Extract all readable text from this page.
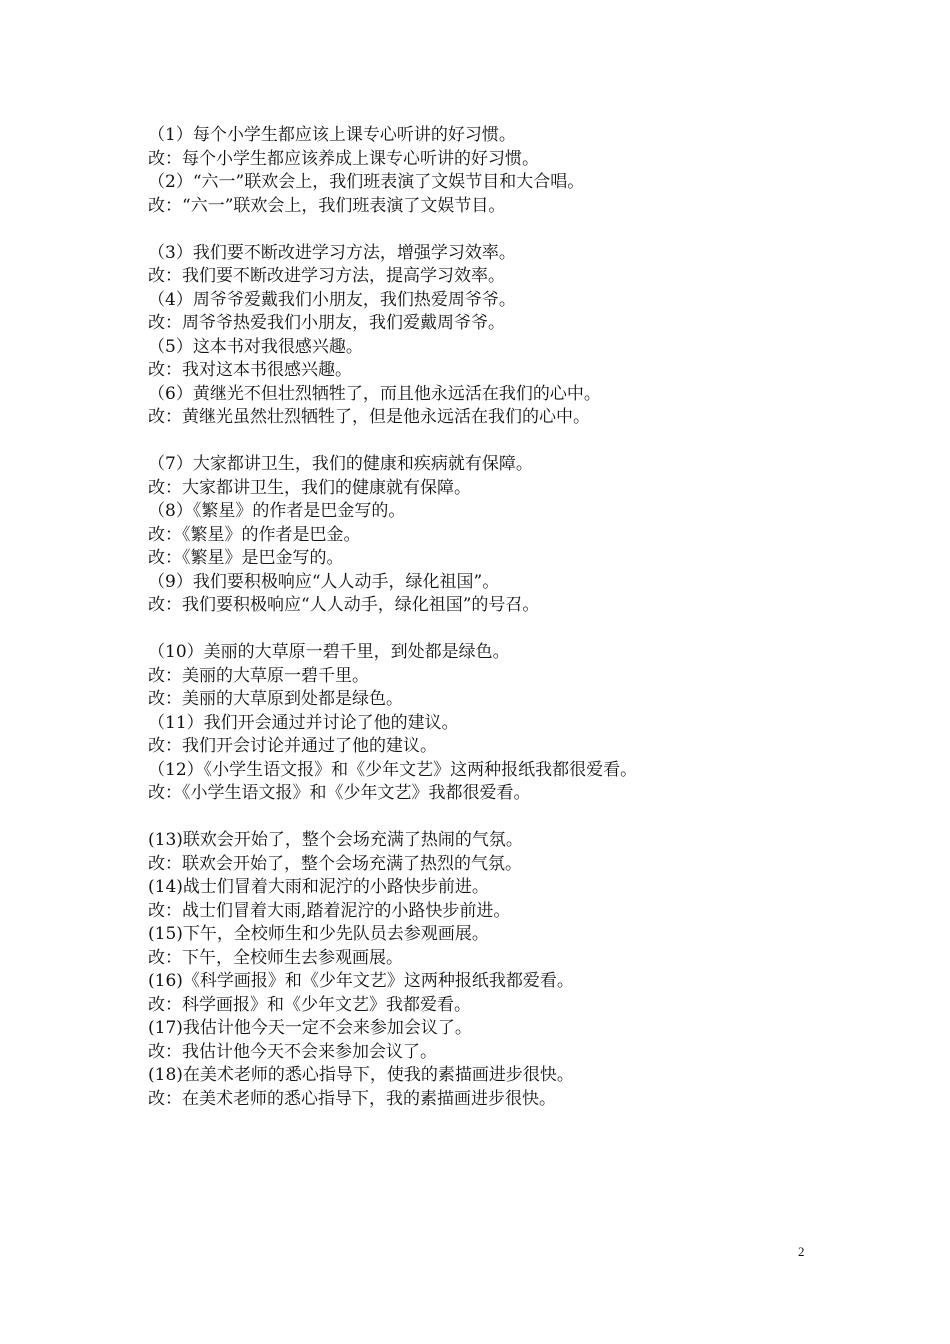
（1）每个小学生都应该上课专心听讲的好习惯。
改：每个小学生都应该养成上课专心听讲的好习惯。
（2）“六一”联欢会上，我们班表演了文娱节目和大合唱。
改：“六一”联欢会上，我们班表演了文娱节目。
（3）我们要不断改进学习方法，增强学习效率。
改：我们要不断改进学习方法，提高学习效率。
（4）周爷爷爱戴我们小朋友，我们热爱周爷爷。
改：周爷爷热爱我们小朋友，我们爱戴周爷爷。
（5）这本书对我很感兴趣。
改：我对这本书很感兴趣。
（6）黄继光不但壮烈牺牲了，而且他永远活在我们的心中。
改：黄继光虽然壮烈牺牲了，但是他永远活在我们的心中。
（7）大家都讲卫生，我们的健康和疾病就有保障。
改：大家都讲卫生，我们的健康就有保障。
（8）《繁星》的作者是巴金写的。
改：《繁星》的作者是巴金。
改：《繁星》是巴金写的。
（9）我们要积极响应“人人动手，绿化祖国”。
改：我们要积极响应“人人动手，绿化祖国”的号召。
（10）美丽的大草原一碧千里，到处都是绿色。
改：美丽的大草原一碧千里。
改：美丽的大草原到处都是绿色。
（11）我们开会通过并讨论了他的建议。
改：我们开会讨论并通过了他的建议。
（12）《小学生语文报》和《少年文艺》这两种报纸我都很爱看。
改：《小学生语文报》和《少年文艺》我都很爱看。
(13)联欢会开始了，整个会场充满了热闹的气氛。
改：联欢会开始了，整个会场充满了热烈的气氛。
(14)战士们冒着大雨和泥泞的小路快步前进。
改：战士们冒着大雨,踏着泥泞的小路快步前进。
(15)下午，全校师生和少先队员去参观画展。
改：下午，全校师生去参观画展。
(16)《科学画报》和《少年文艺》这两种报纸我都爱看。
改：科学画报》和《少年文艺》我都爱看。
(17)我估计他今天一定不会来参加会议了。
改：我估计他今天不会来参加会议了。
(18)在美术老师的悉心指导下，使我的素描画进步很快。
改：在美术老师的悉心指导下，我的素描画进步很快。
2
